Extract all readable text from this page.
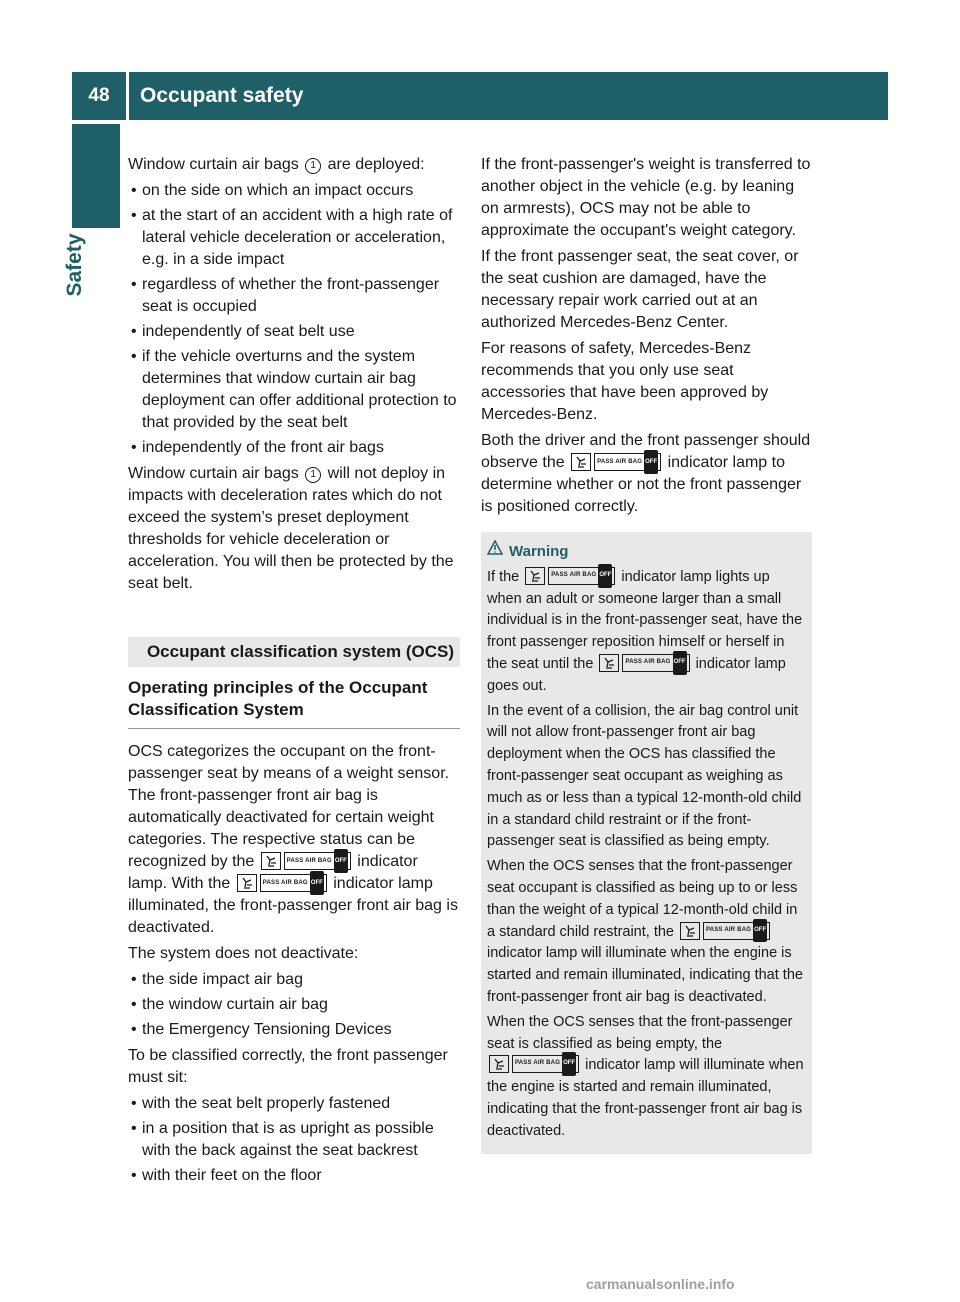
48	Occupant safety
Safety

Window curtain air bags 1 are deployed:

• on the side on which an impact occurs
• at the start of an accident with a high rate of lateral vehicle deceleration or acceleration, e.g. in a side impact
• regardless of whether the front-passenger seat is occupied
• independently of seat belt use
• if the vehicle overturns and the system determines that window curtain air bag deployment can offer additional protection to that provided by the seat belt
• independently of the front air bags

Window curtain air bags 1 will not deploy in impacts with deceleration rates which do not exceed the system’s preset deployment thresholds for vehicle deceleration or acceleration. You will then be protected by the seat belt.

Occupant classification system (OCS)
Operating principles of the Occupant Classification System

OCS categorizes the occupant on the front-passenger seat by means of a weight sensor. The front-passenger front air bag is automatically deactivated for certain weight categories. The respective status can be recognized by the	PASS AIR BAG OFF indicator lamp. With the	PASS AIR BAG OFF indicator lamp illuminated, the front-passenger front air bag is deactivated.

The system does not deactivate:

• the side impact air bag
• the window curtain air bag
• the Emergency Tensioning Devices

To be classified correctly, the front passenger must sit:

• with the seat belt properly fastened
• in a position that is as upright as possible with the back against the seat backrest
• with their feet on the floor

If the front-passenger's weight is transferred to another object in the vehicle (e.g. by leaning on armrests), OCS may not be able to approximate the occupant's weight category.

If the front passenger seat, the seat cover, or the seat cushion are damaged, have the necessary repair work carried out at an authorized Mercedes-Benz Center.

For reasons of safety, Mercedes-Benz recommends that you only use seat accessories that have been approved by Mercedes-Benz.

Both the driver and the front passenger should observe the	PASS AIR BAG OFF indicator lamp to determine whether or not the front passenger is positioned correctly.

Warning

If the	PASS AIR BAG OFF indicator lamp lights up when an adult or someone larger than a small individual is in the front-passenger seat, have the front passenger reposition himself or herself in the seat until the	PASS AIR BAG OFF indicator lamp goes out.

In the event of a collision, the air bag control unit will not allow front-passenger front air bag deployment when the OCS has classified the front-passenger seat occupant as weighing as much as or less than a typical 12-month-old child in a standard child restraint or if the front-passenger seat is classified as being empty.

When the OCS senses that the front-passenger seat occupant is classified as being up to or less than the weight of a typical 12-month-old child in a standard child restraint, the	PASS AIR BAG OFF
indicator lamp will illuminate when the engine is started and remain illuminated, indicating that the front-passenger front air bag is deactivated.

When the OCS senses that the front-passenger seat is classified as being empty, the
PASS AIR BAG OFF indicator lamp will illuminate when the engine is started and remain illuminated, indicating that the front-passenger front air bag is deactivated.

carmanualsonline.info
